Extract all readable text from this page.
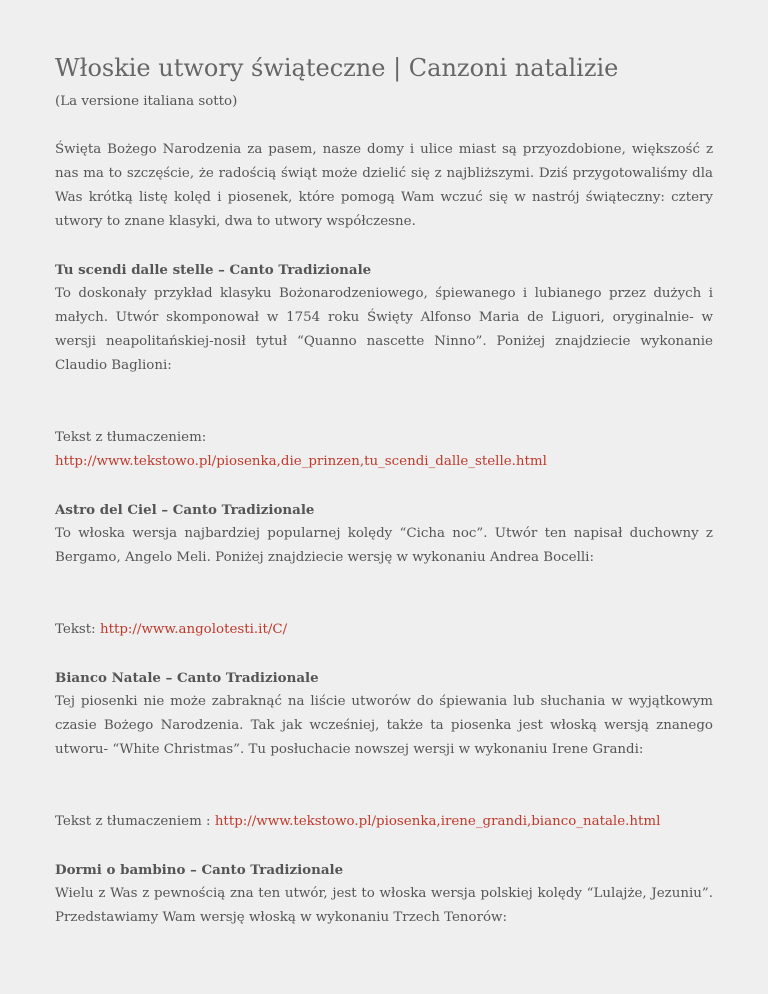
Włoskie utwory świąteczne | Canzoni natalizie

(La versione italiana sotto)

Święta Bożego Narodzenia za pasem, nasze domy i ulice miast są przyozdobione, większość z nas ma to szczęście, że radością świąt może dzielić się z najbliższymi. Dziś przygotowaliśmy dla Was krótką listę kolęd i piosenek, które pomogą Wam wczuć się w nastrój świąteczny: cztery utwory to znane klasyki, dwa to utwory współczesne.

Tu scendi dalle stelle – Canto Tradizionale

To doskonały przykład klasyku Bożonarodzeniowego, śpiewanego i lubianego przez dużych i małych. Utwór skomponował w 1754 roku Święty Alfonso Maria de Liguori, oryginalnie- w wersji neapolitańskiej-nosił tytuł “Quanno nascette Ninno”. Poniżej znajdziecie wykonanie Claudio Baglioni:

Tekst z tłumaczeniem:

http://www.tekstowo.pl/piosenka,die_prinzen,tu_scendi_dalle_stelle.html

Astro del Ciel – Canto Tradizionale

To włoska wersja najbardziej popularnej kolędy “Cicha noc”. Utwór ten napisał duchowny z Bergamo, Angelo Meli. Poniżej znajdziecie wersję w wykonaniu Andrea Bocelli:

Tekst: http://www.angolotesti.it/C/

Bianco Natale – Canto Tradizionale

Tej piosenki nie może zabraknąć na liście utworów do śpiewania lub słuchania w wyjątkowym czasie Bożego Narodzenia. Tak jak wcześniej, także ta piosenka jest włoską wersją znanego utworu- “White Christmas”. Tu posłuchacie nowszej wersji w wykonaniu Irene Grandi:

Tekst z tłumaczeniem : http://www.tekstowo.pl/piosenka,irene_grandi,bianco_natale.html

Dormi o bambino – Canto Tradizionale

Wielu z Was z pewnością zna ten utwór, jest to włoska wersja polskiej kolędy “Lulajże, Jezuniu”. Przedstawiamy Wam wersję włoską w wykonaniu Trzech Tenorów:
